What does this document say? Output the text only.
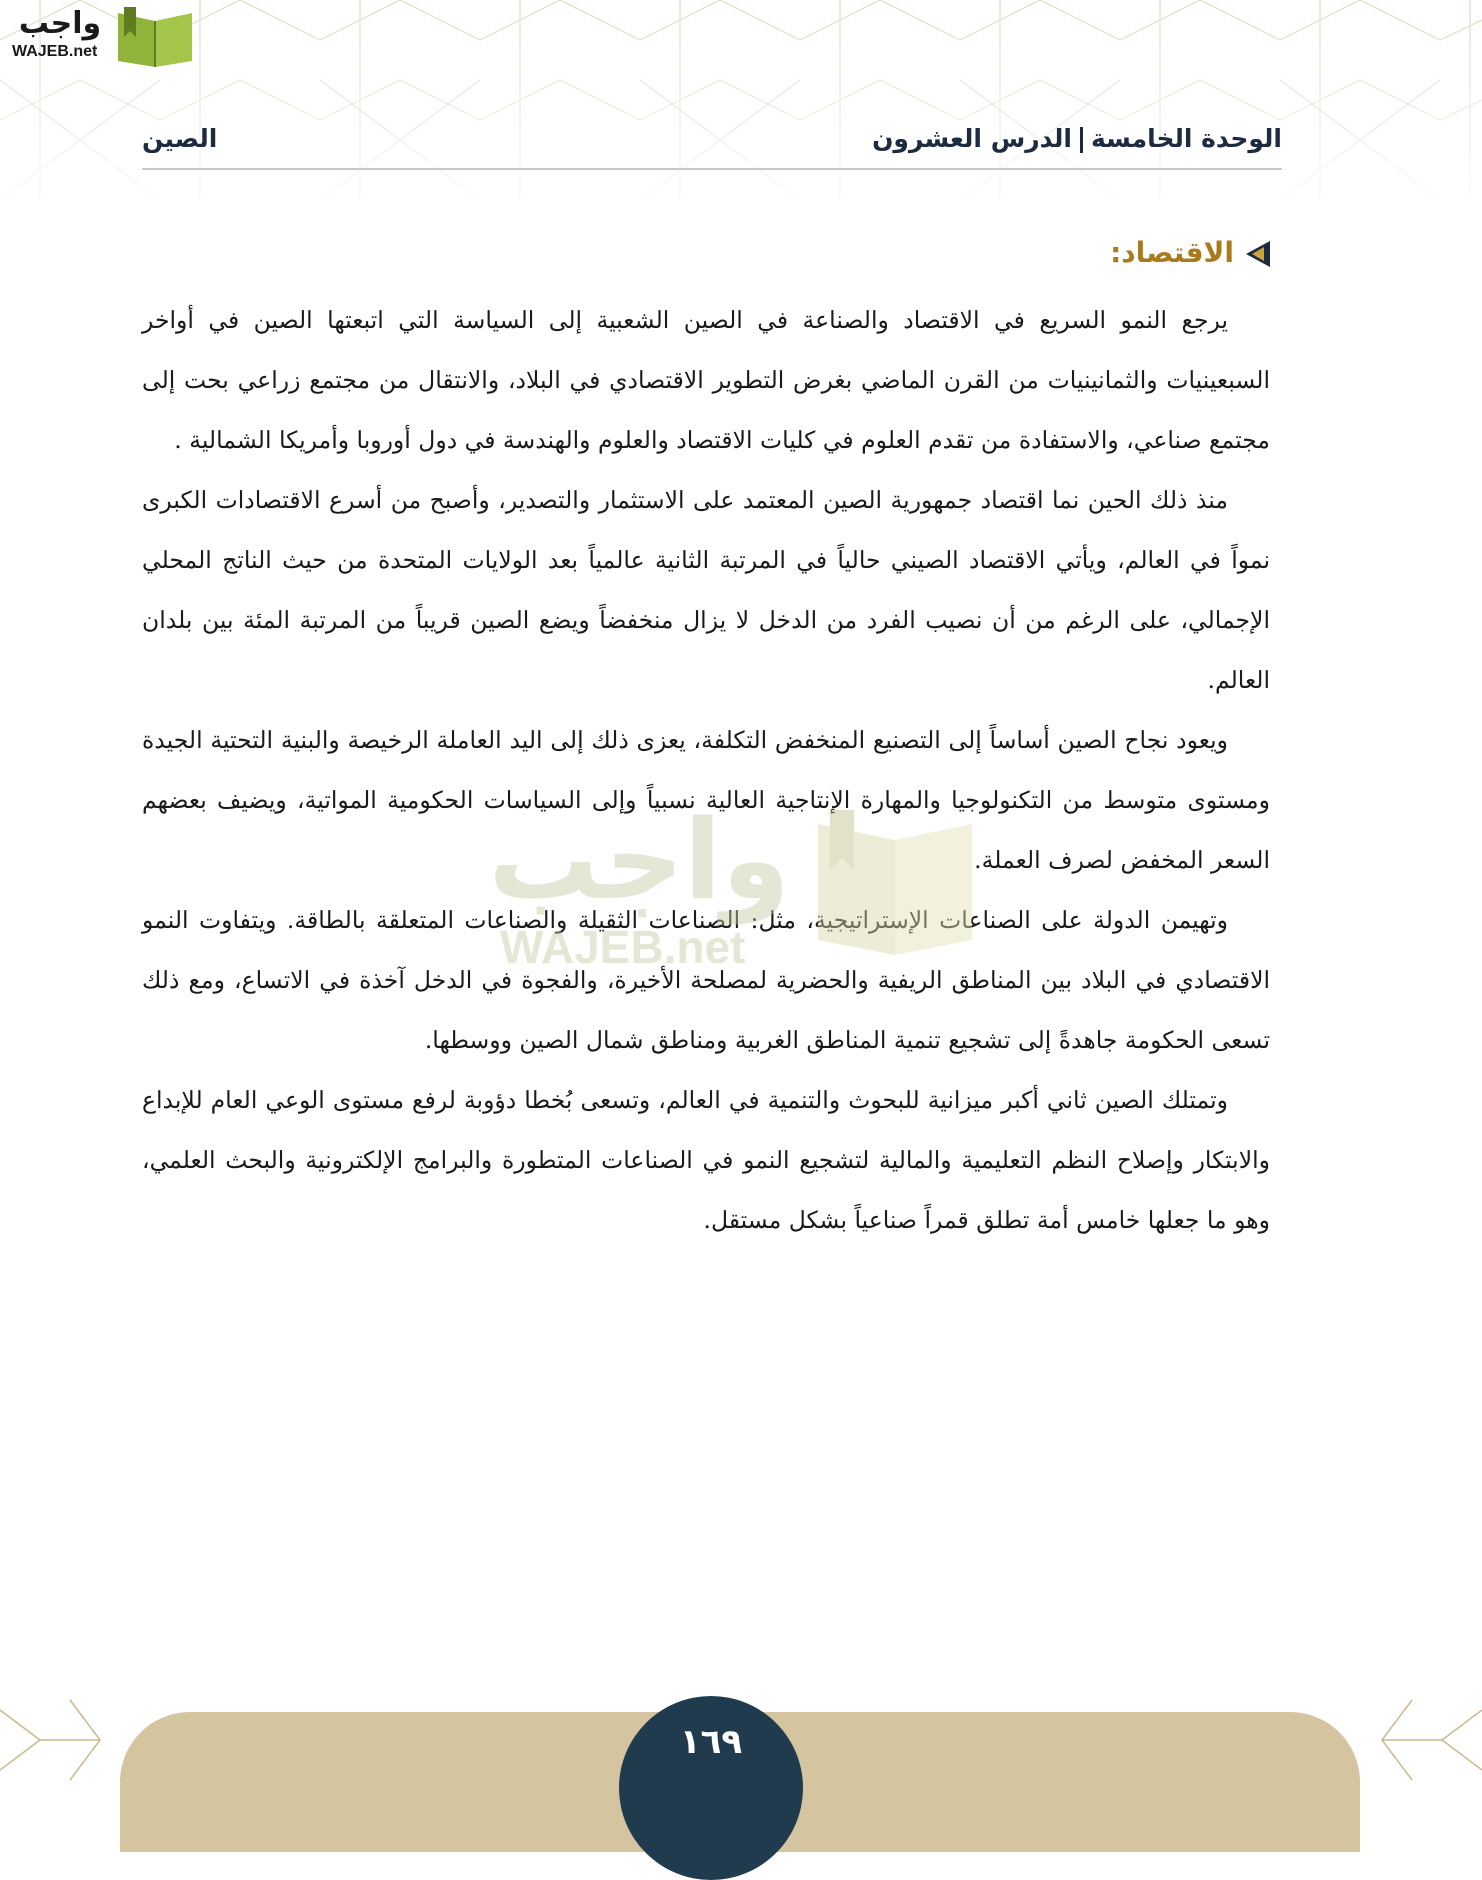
واجب
WAJEB.net
الوحدة الخامسةالدرس العشرون
الصين
الاقتصاد:

يرجع النمو السريع في الاقتصاد والصناعة في الصين الشعبية إلى السياسة التي اتبعتها الصين في أواخر السبعينيات والثمانينيات من القرن الماضي بغرض التطوير الاقتصادي في البلاد، والانتقال من مجتمع زراعي بحت إلى مجتمع صناعي، والاستفادة من تقدم العلوم في كليات الاقتصاد والعلوم والهندسة في دول أوروبا وأمريكا الشمالية .

منذ ذلك الحين نما اقتصاد جمهورية الصين المعتمد على الاستثمار والتصدير، وأصبح من أسرع الاقتصادات الكبرى نمواً في العالم، ويأتي الاقتصاد الصيني حالياً في المرتبة الثانية عالمياً بعد الولايات المتحدة من حيث الناتج المحلي الإجمالي، على الرغم من أن نصيب الفرد من الدخل لا يزال منخفضاً ويضع الصين قريباً من المرتبة المئة بين بلدان العالم.

ويعود نجاح الصين أساساً إلى التصنيع المنخفض التكلفة، يعزى ذلك إلى اليد العاملة الرخيصة والبنية التحتية الجيدة ومستوى متوسط من التكنولوجيا والمهارة الإنتاجية العالية نسبياً وإلى السياسات الحكومية المواتية، ويضيف بعضهم السعر المخفض لصرف العملة.

وتهيمن الدولة على الصناعات الإستراتيجية، مثل: الصناعات الثقيلة والصناعات المتعلقة بالطاقة. ويتفاوت النمو الاقتصادي في البلاد بين المناطق الريفية والحضرية لمصلحة الأخيرة، والفجوة في الدخل آخذة في الاتساع، ومع ذلك تسعى الحكومة جاهدةً إلى تشجيع تنمية المناطق الغربية ومناطق شمال الصين ووسطها.

وتمتلك الصين ثاني أكبر ميزانية للبحوث والتنمية في العالم، وتسعى بُخطا دؤوبة لرفع مستوى الوعي العام للإبداع والابتكار وإصلاح النظم التعليمية والمالية لتشجيع النمو في الصناعات المتطورة والبرامج الإلكترونية والبحث العلمي، وهو ما جعلها خامس أمة تطلق قمراً صناعياً بشكل مستقل.

واجب
WAJEB.net
١٦٩
